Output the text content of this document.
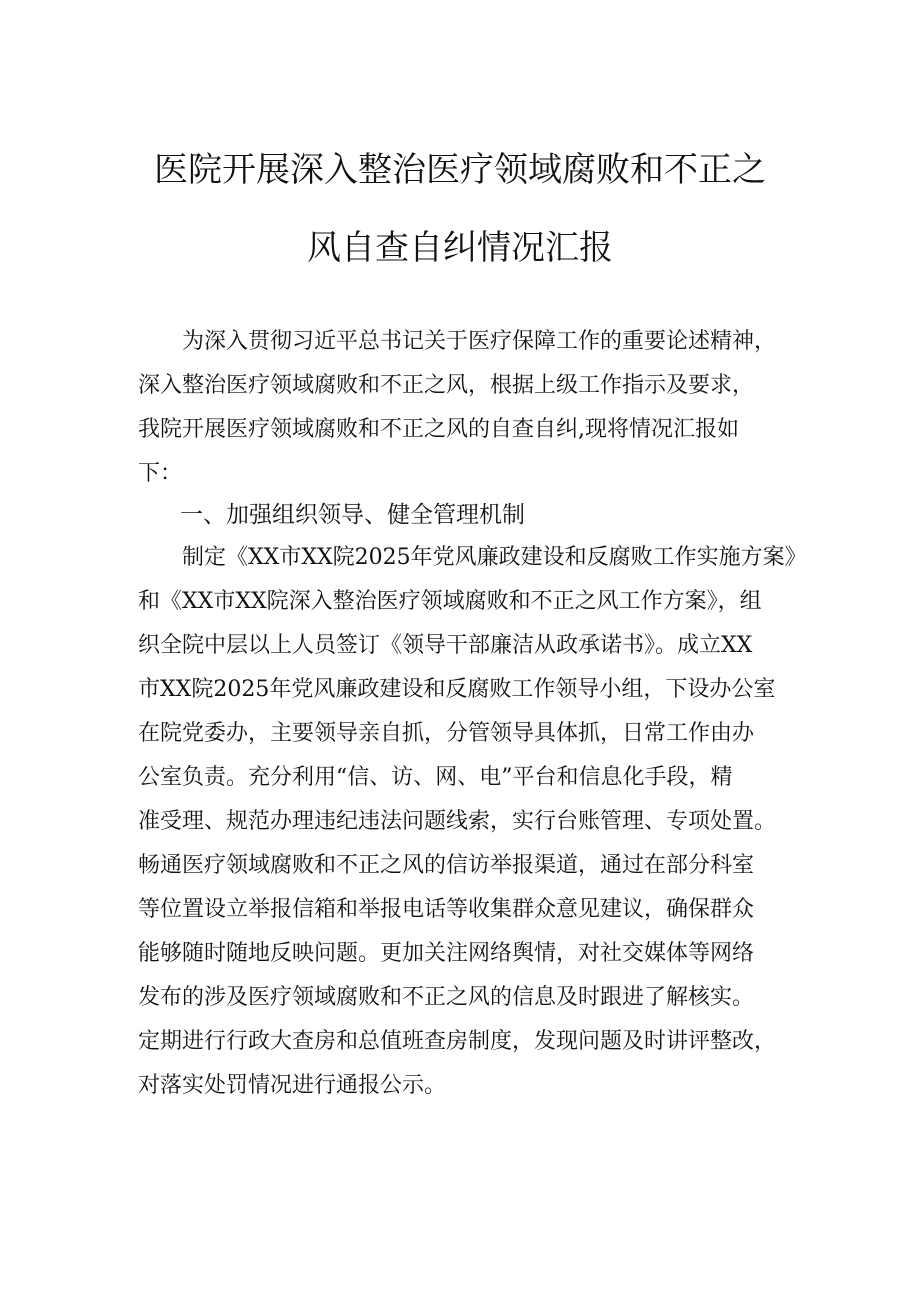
医院开展深入整治医疗领域腐败和不正之
风自查自纠情况汇报
为深入贯彻习近平总书记关于医疗保障工作的重要论述精神，
深入整治医疗领域腐败和不正之风，根据上级工作指示及要求，
我院开展医疗领域腐败和不正之风的自查自纠,现将情况汇报如
下：
一、加强组织领导、健全管理机制
制定《XX市XX院2025年党风廉政建设和反腐败工作实施方案》
和《XX市XX院深入整治医疗领域腐败和不正之风工作方案》，组
织全院中层以上人员签订《领导干部廉洁从政承诺书》。成立XX
市XX院2025年党风廉政建设和反腐败工作领导小组，下设办公室
在院党委办，主要领导亲自抓，分管领导具体抓，日常工作由办
公室负责。充分利用“信、访、网、电”平台和信息化手段，精
准受理、规范办理违纪违法问题线索，实行台账管理、专项处置。
畅通医疗领域腐败和不正之风的信访举报渠道，通过在部分科室
等位置设立举报信箱和举报电话等收集群众意见建议，确保群众
能够随时随地反映问题。更加关注网络舆情，对社交媒体等网络
发布的涉及医疗领域腐败和不正之风的信息及时跟进了解核实。
定期进行行政大查房和总值班查房制度，发现问题及时讲评整改，
对落实处罚情况进行通报公示。
